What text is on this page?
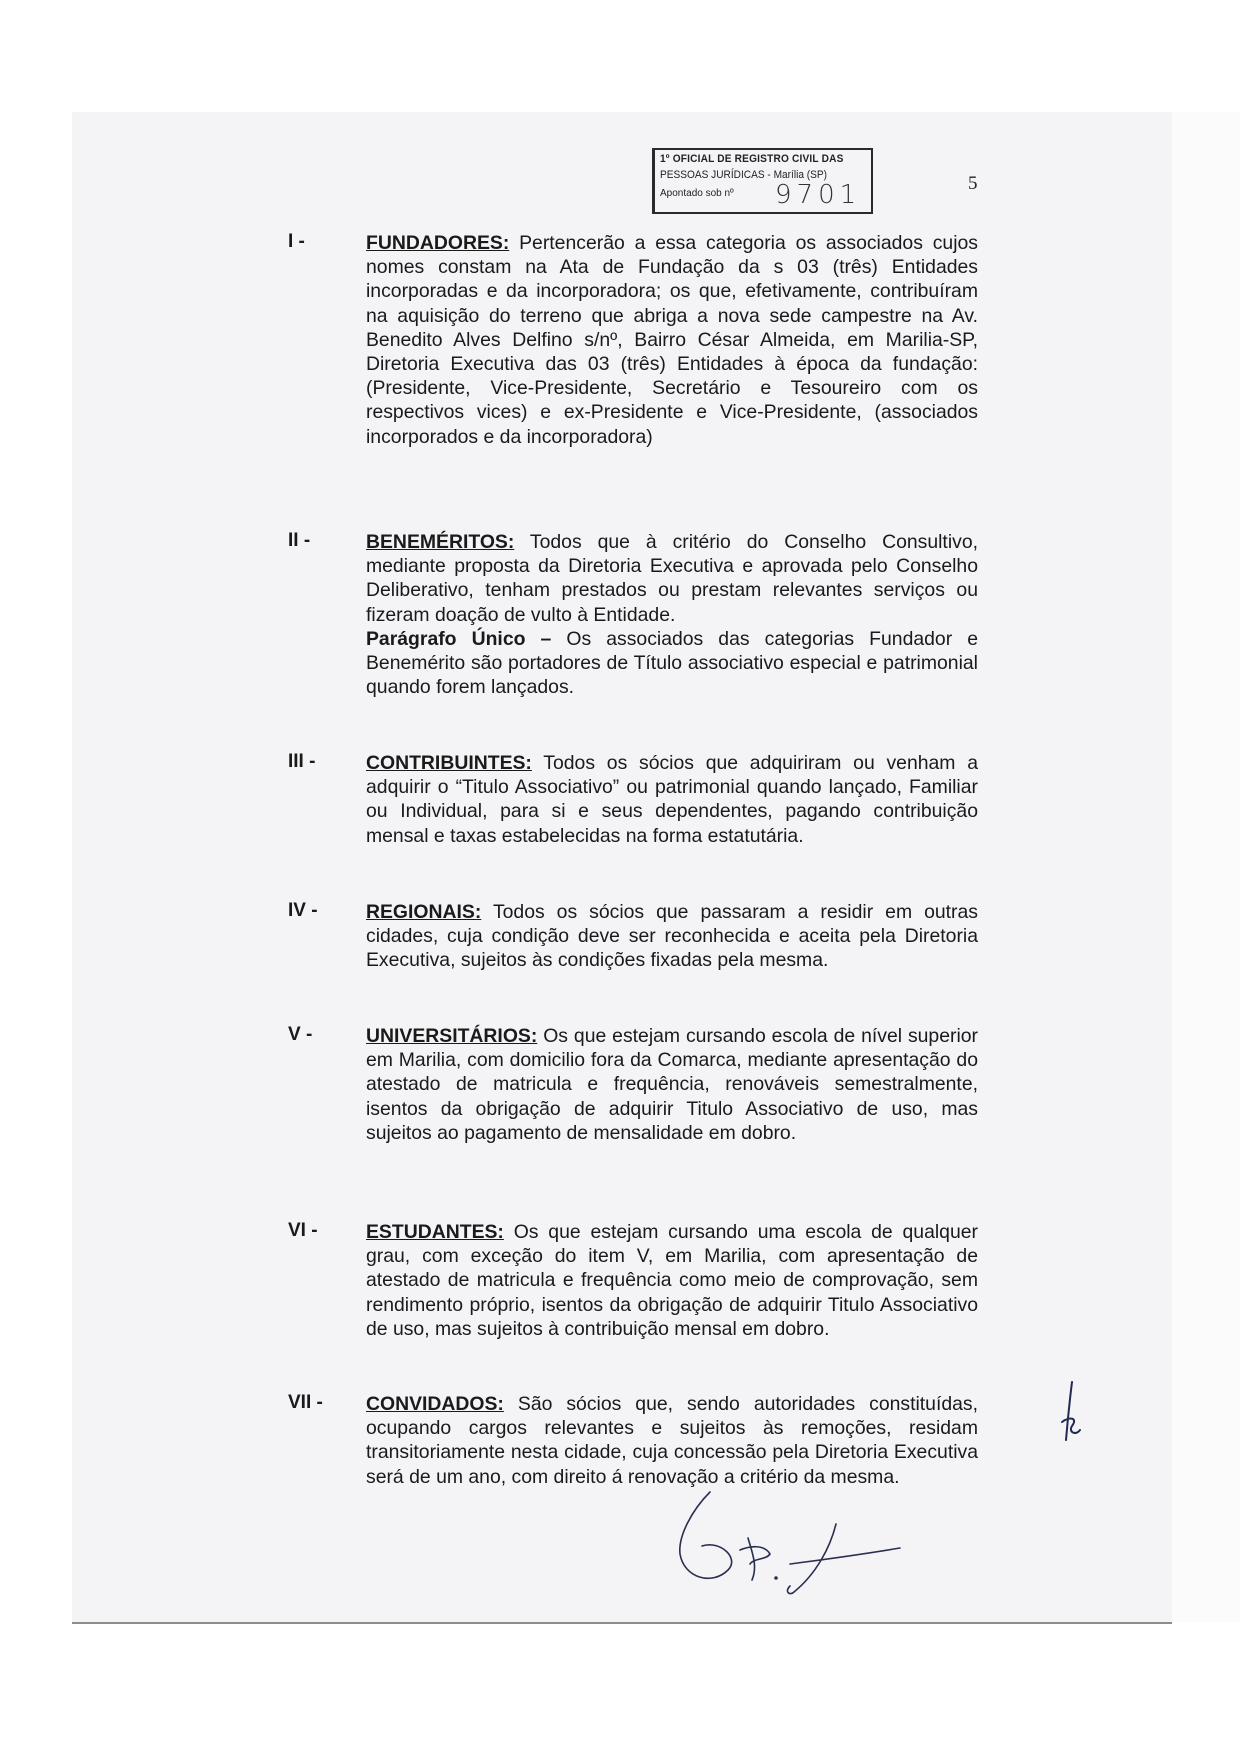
1º OFICIAL DE REGISTRO CIVIL DAS
PESSOAS JURÍDICAS - Marília (SP)
Apontado sob nº 9701	5
I -	FUNDADORES: Pertencerão a essa categoria os associados cujos nomes constam na Ata de Fundação da s 03 (três) Entidades incorporadas e da incorporadora; os que, efetivamente, contribuíram na aquisição do terreno que abriga a nova sede campestre na Av. Benedito Alves Delfino s/nº, Bairro César Almeida, em Marilia-SP, Diretoria Executiva das 03 (três) Entidades à época da fundação: (Presidente, Vice-Presidente, Secretário e Tesoureiro com os respectivos vices) e ex-Presidente e Vice-Presidente, (associados incorporados e da incorporadora)
II -	BENEMÉRITOS: Todos que à critério do Conselho Consultivo, mediante proposta da Diretoria Executiva e aprovada pelo Conselho Deliberativo, tenham prestados ou prestam relevantes serviços ou fizeram doação de vulto à Entidade.
Parágrafo Único – Os associados das categorias Fundador e Benemérito são portadores de Título associativo especial e patrimonial quando forem lançados.
III -	CONTRIBUINTES: Todos os sócios que adquiriram ou venham a adquirir o “Titulo Associativo” ou patrimonial quando lançado, Familiar ou Individual, para si e seus dependentes, pagando contribuição mensal e taxas estabelecidas na forma estatutária.
IV - REGIONAIS: Todos os sócios que passaram a residir em outras cidades, cuja condição deve ser reconhecida e aceita pela Diretoria Executiva, sujeitos às condições fixadas pela mesma.
V -	UNIVERSITÁRIOS: Os que estejam cursando escola de nível superior em Marilia, com domicilio fora da Comarca, mediante apresentação do atestado de matricula e frequência, renováveis semestralmente, isentos da obrigação de adquirir Titulo Associativo de uso, mas sujeitos ao pagamento de mensalidade em dobro.
VI - ESTUDANTES: Os que estejam cursando uma escola de qualquer grau, com exceção do item V, em Marilia, com apresentação de atestado de matricula e frequência como meio de comprovação, sem rendimento próprio, isentos da obrigação de adquirir Titulo Associativo de uso, mas sujeitos à contribuição mensal em dobro.
VII - CONVIDADOS: São sócios que, sendo autoridades constituídas, ocupando cargos relevantes e sujeitos às remoções, residam transitoriamente nesta cidade, cuja concessão pela Diretoria Executiva será de um ano, com direito á renovação a critério da mesma.
